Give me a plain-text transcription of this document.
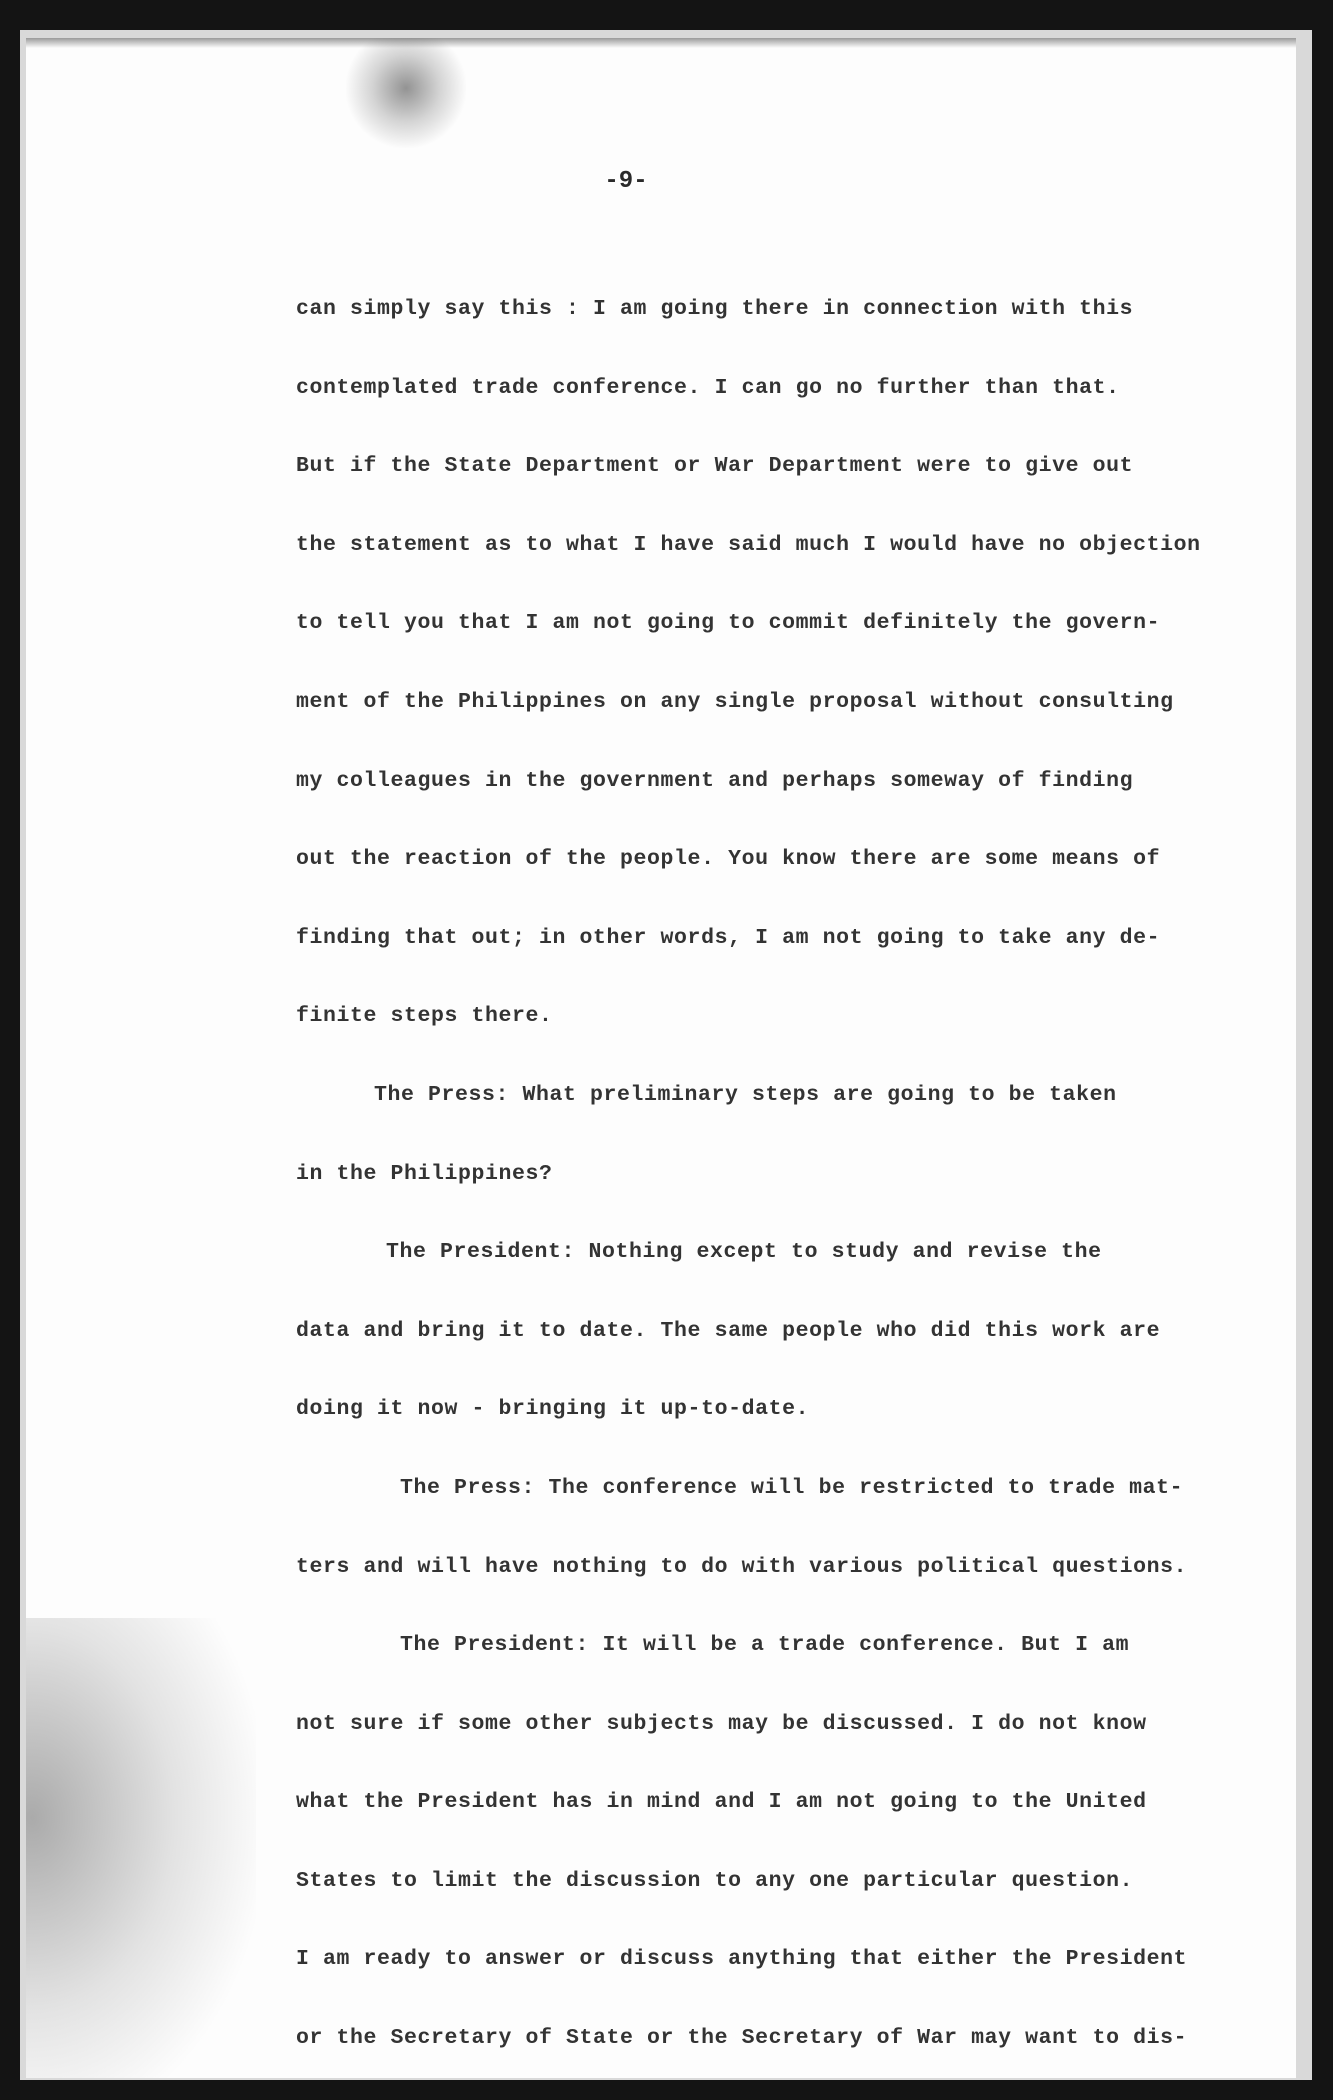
-9-
can simply say this : I am going there in connection with this
contemplated trade conference. I can go no further than that.
But if the State Department or War Department were to give out
the statement as to what I have said much I would have no objection
to tell you that I am not going to commit definitely the govern-
ment of the Philippines on any single proposal without consulting
my colleagues in the government and perhaps someway of finding
out the reaction of the people. You know there are some means of
finding that out; in other words, I am not going to take any de-
finite steps there.
The Press: What preliminary steps are going to be taken
in the Philippines?
The President: Nothing except to study and revise the
data and bring it to date. The same people who did this work are
doing it now - bringing it up-to-date.
The Press: The conference will be restricted to trade mat-
ters and will have nothing to do with various political questions.
The President: It will be a trade conference. But I am
not sure if some other subjects may be discussed. I do not know
what the President has in mind and I am not going to the United
States to limit the discussion to any one particular question.
I am ready to answer or discuss anything that either the President
or the Secretary of State or the Secretary of War may want to dis-
